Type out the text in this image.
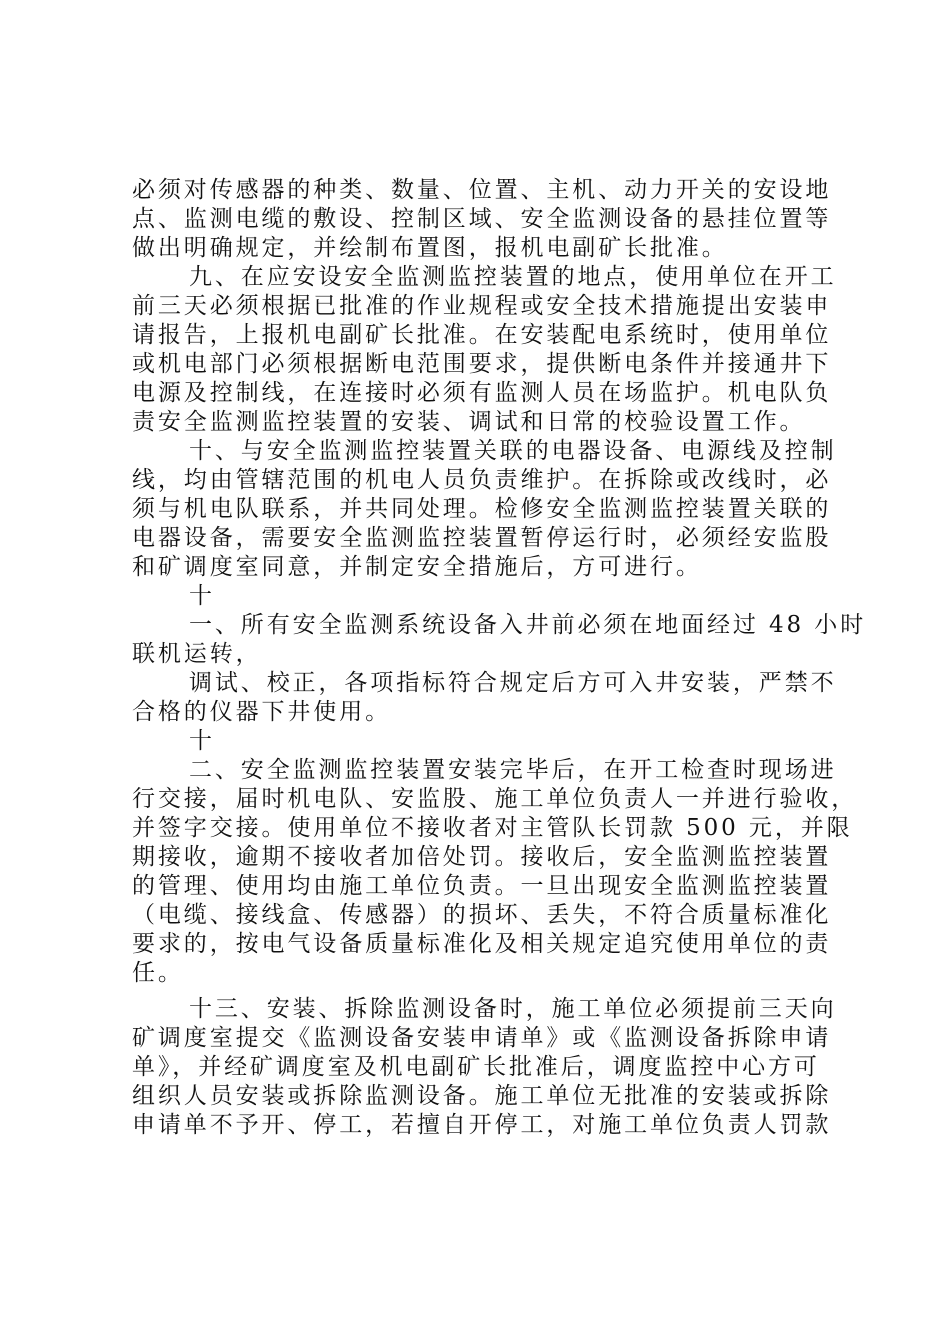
必须对传感器的种类、数量、位置、主机、动力开关的安设地
点、监测电缆的敷设、控制区域、安全监测设备的悬挂位置等
做出明确规定，并绘制布置图，报机电副矿长批准。

九、在应安设安全监测监控装置的地点，使用单位在开工
前三天必须根据已批准的作业规程或安全技术措施提出安装申
请报告，上报机电副矿长批准。在安装配电系统时，使用单位
或机电部门必须根据断电范围要求，提供断电条件并接通井下
电源及控制线，在连接时必须有监测人员在场监护。机电队负
责安全监测监控装置的安装、调试和日常的校验设置工作。

十、与安全监测监控装置关联的电器设备、电源线及控制
线，均由管辖范围的机电人员负责维护。在拆除或改线时，必
须与机电队联系，并共同处理。检修安全监测监控装置关联的
电器设备，需要安全监测监控装置暂停运行时，必须经安监股
和矿调度室同意，并制定安全措施后，方可进行。

十

一、所有安全监测系统设备入井前必须在地面经过 48 小时
联机运转，

调试、校正，各项指标符合规定后方可入井安装，严禁不
合格的仪器下井使用。

十

二、安全监测监控装置安装完毕后，在开工检查时现场进
行交接，届时机电队、安监股、施工单位负责人一并进行验收，
并签字交接。使用单位不接收者对主管队长罚款 500 元，并限
期接收，逾期不接收者加倍处罚。接收后，安全监测监控装置
的管理、使用均由施工单位负责。一旦出现安全监测监控装置
（电缆、接线盒、传感器）的损坏、丢失，不符合质量标准化
要求的，按电气设备质量标准化及相关规定追究使用单位的责
任。

十三、安装、拆除监测设备时，施工单位必须提前三天向
矿调度室提交《监测设备安装申请单》或《监测设备拆除申请
单》，并经矿调度室及机电副矿长批准后，调度监控中心方可
组织人员安装或拆除监测设备。施工单位无批准的安装或拆除
申请单不予开、停工，若擅自开停工，对施工单位负责人罚款
